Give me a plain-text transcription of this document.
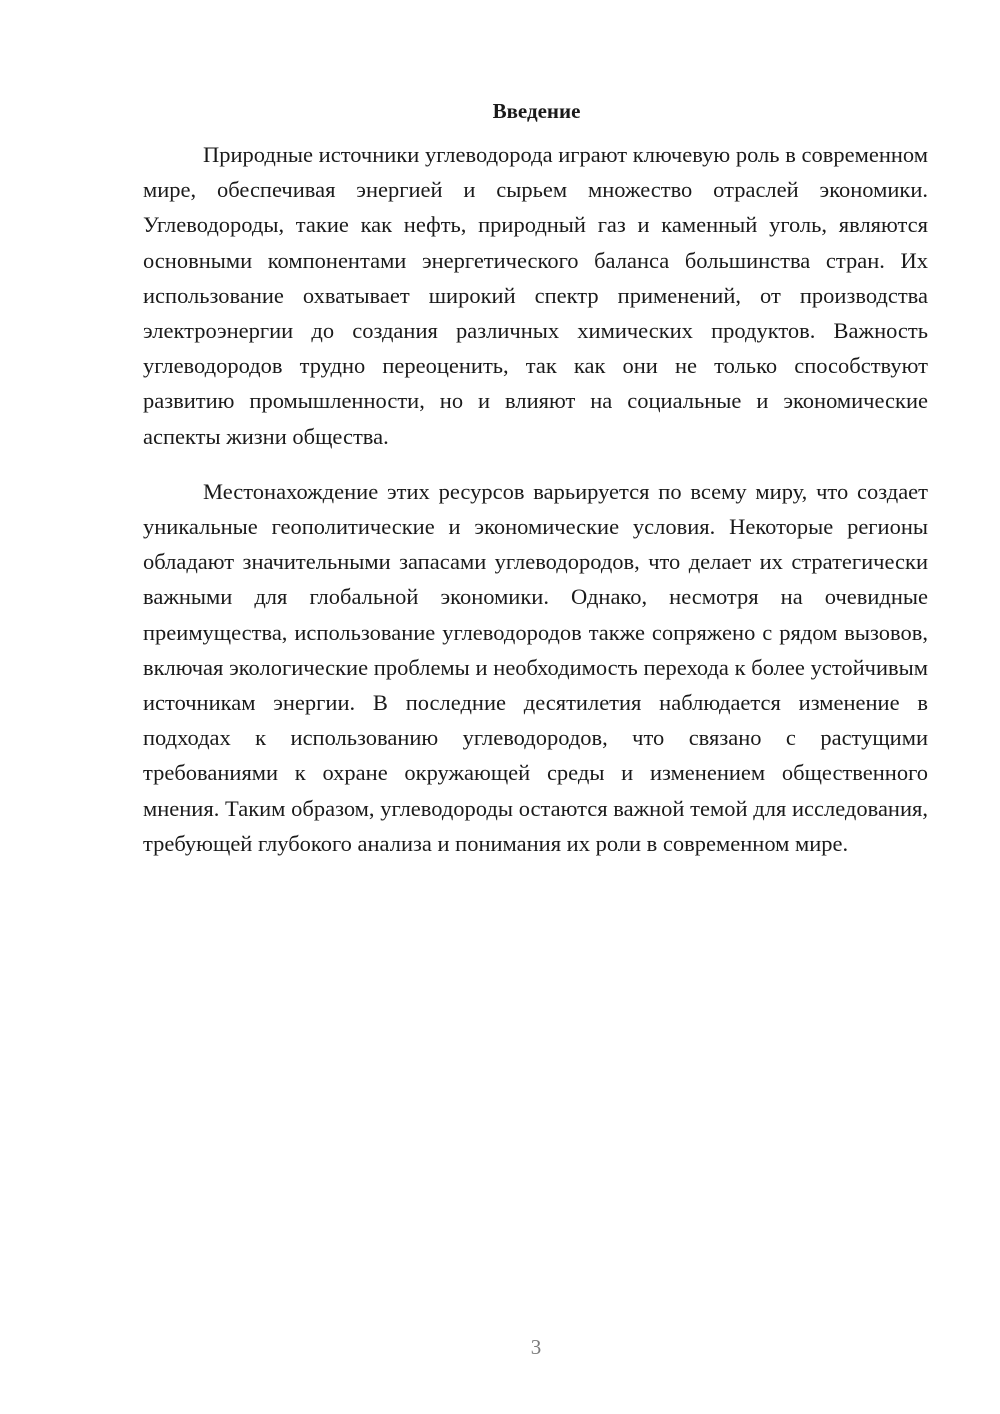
Введение

Природные источники углеводорода играют ключевую роль в современном мире, обеспечивая энергией и сырьем множество отраслей экономики. Углеводороды, такие как нефть, природный газ и каменный уголь, являются основными компонентами энергетического баланса большинства стран. Их использование охватывает широкий спектр применений, от производства электроэнергии до создания различных химических продуктов. Важность углеводородов трудно переоценить, так как они не только способствуют развитию промышленности, но и влияют на социальные и экономические аспекты жизни общества.

Местонахождение этих ресурсов варьируется по всему миру, что создает уникальные геополитические и экономические условия. Некоторые регионы обладают значительными запасами углеводородов, что делает их стратегически важными для глобальной экономики. Однако, несмотря на очевидные преимущества, использование углеводородов также сопряжено с рядом вызовов, включая экологические проблемы и необходимость перехода к более устойчивым источникам энергии. В последние десятилетия наблюдается изменение в подходах к использованию углеводородов, что связано с растущими требованиями к охране окружающей среды и изменением общественного мнения. Таким образом, углеводороды остаются важной темой для исследования, требующей глубокого анализа и понимания их роли в современном мире.

3
